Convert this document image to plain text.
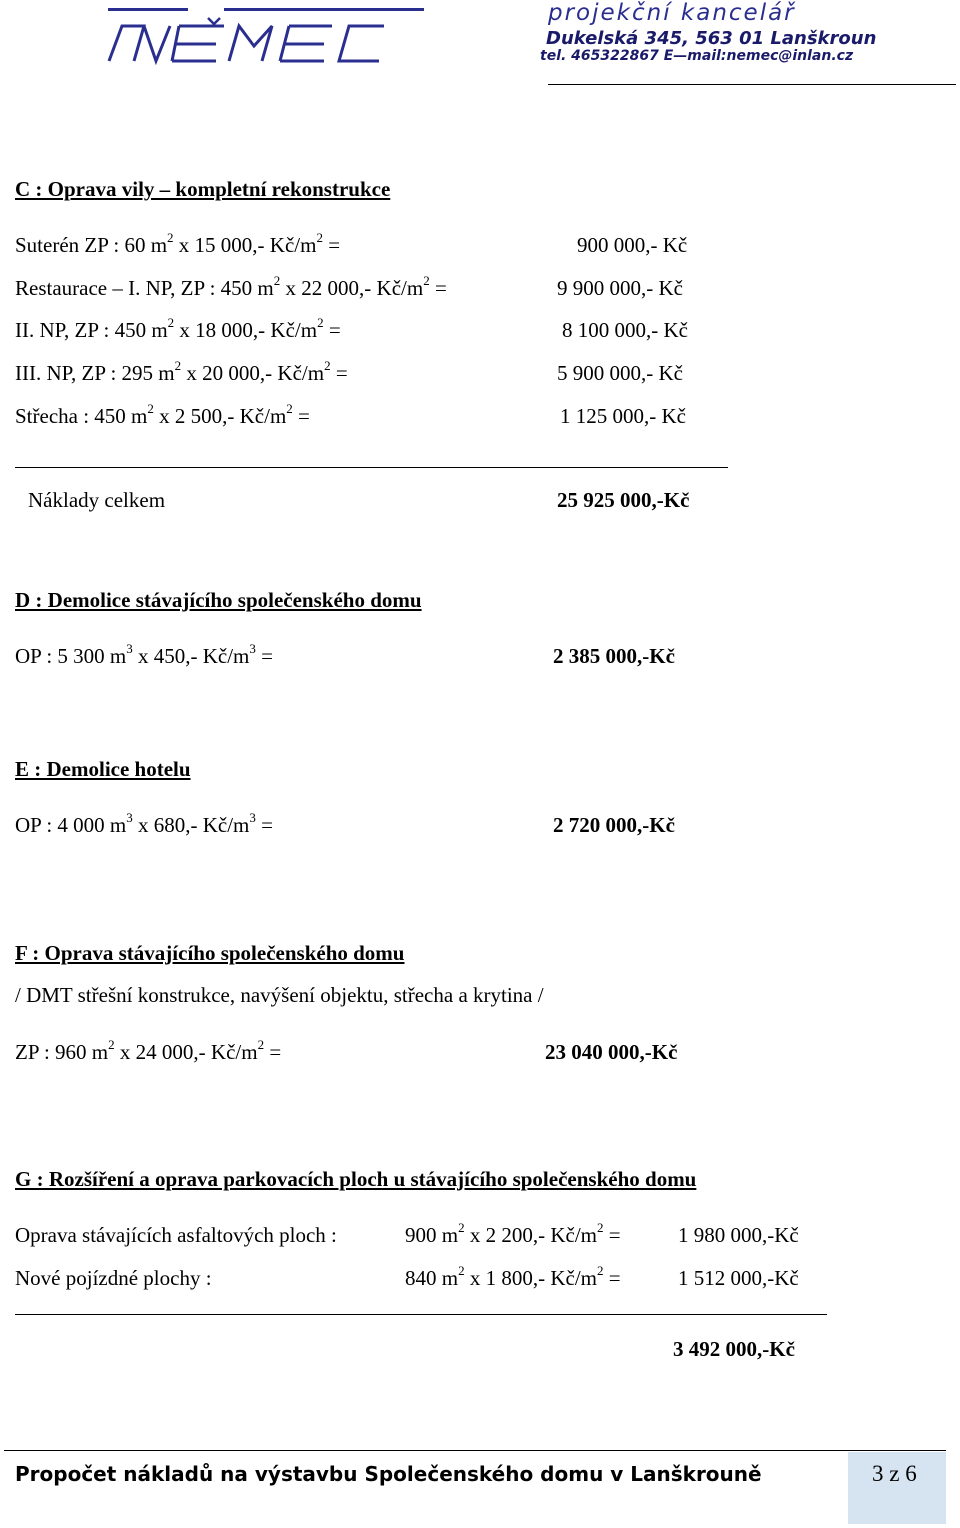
projekční kancelář
Dukelská 345, 563 01 Lanškroun
tel. 465322867 E—mail:nemec@inlan.cz
C : Oprava vily – kompletní rekonstrukce
Suterén ZP : 60 $m^2$ x 15 000,- $Kč/m^2$ =	900 000,- Kč
Restaurace – I. NP, ZP : 450 $m^2$ x 22 000,- $Kč/m^2$ =	9 900 000,- Kč
II. NP, ZP : 450 $m^2$ x 18 000,- $Kč/m^2$ =	8 100 000,- Kč
III. NP, ZP : 295 $m^2$ x 20 000,- $Kč/m^2$ =	5 900 000,- Kč
Střecha : 450 $m^2$ x 2 500,- $Kč/m^2$ =	1 125 000,- Kč
Náklady celkem	25 925 000,-Kč
D : Demolice stávajícího společenského domu
OP : 5 300 $m^3$ x 450,- $Kč/m^3$ =	2 385 000,-Kč
E : Demolice hotelu
OP : 4 000 $m^3$ x 680,- $Kč/m^3$ =	2 720 000,-Kč
F : Oprava stávajícího společenského domu
/ DMT střešní konstrukce, navýšení objektu, střecha a krytina /
ZP : 960 $m^2$ x 24 000,- $Kč/m^2$ =	23 040 000,-Kč
G : Rozšíření a oprava parkovacích ploch u stávajícího společenského domu
Oprava stávajících asfaltových ploch :	900 $m^2$ x 2 200,- $Kč/m^2$ =	1 980 000,-Kč
Nové pojízdné plochy :	840 $m^2$ x 1 800,- $Kč/m^2$ =	1 512 000,-Kč
3 492 000,-Kč
Propočet nákladů na výstavbu Společenského domu v Lanškrouně	3 z 6
